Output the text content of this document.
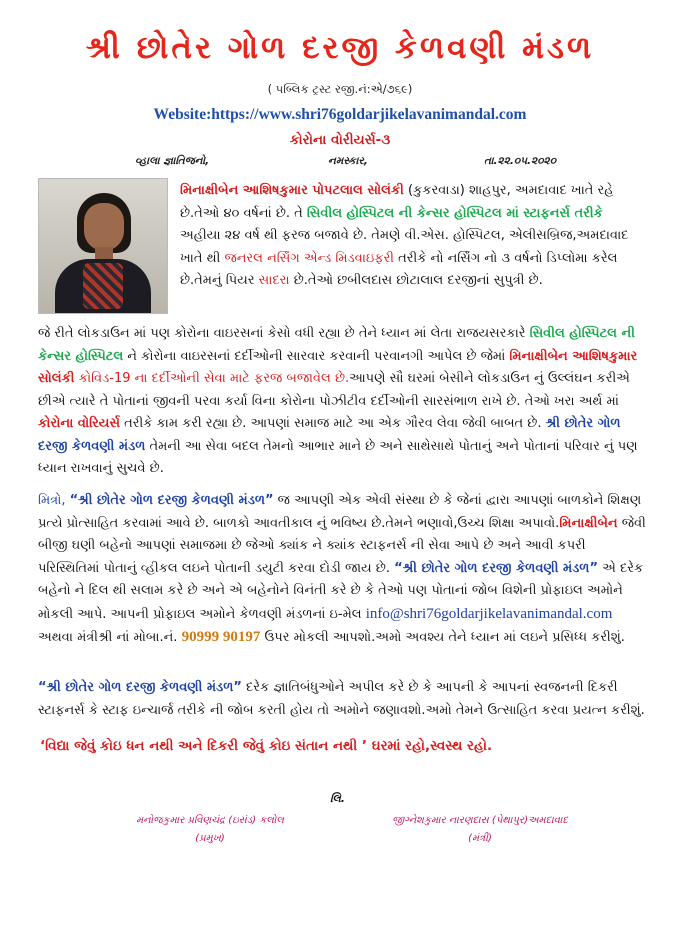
શ્રી છોતેર ગોળ દરજી કેળવણી મંડળ
( પબ્લિક ટ્રસ્ટ રજી.નં:એ/૭૬૯)
Website:https://www.shri76goldarjikelavanimandal.com
કોરોના વોરીયર્સ-૩
વ્હાલા જ્ઞાતિજનો,	નમસ્કાર,	તા.૨૨.૦૫.૨૦૨૦
મિનાક્ષીબેન આશિષકુમાર પોપટલાલ સોલંકી (કુકરવાડા) શાહપુર, અમદાવાદ ખાતે રહે છે.તેઓ ૪૦ વર્ષનાં છે. તે સિવીલ હોસ્પિટલ ની કેન્સર હોસ્પિટલ માં સ્ટાફનર્સ તરીકે અહીયા ૨૪ વર્ષ થી ફરજ બજાવે છે. તેમણે વી.એસ. હોસ્પિટલ, એલીસબ્રિજ,અમદાવાદ ખાતે થી જનરલ નર્સિંગ એન્ડ મિડવાઇફરી તરીકે નો નર્સિંગ નો ૩ વર્ષનો ડિપ્લોમા કરેલ છે.તેમનું પિયર સાદરા છે.તેઓ છબીલદાસ છોટાલાલ દરજીનાં સુપુત્રી છે.
જે રીતે લોકડાઉન માં પણ કોરોના વાઇરસનાં કેસો વધી રહ્યા છે તેને ધ્યાન માં લેતા રાજયસરકારે સિવીલ હોસ્પિટલ ની કેન્સર હોસ્પિટલ ને કોરોના વાઇરસનાં દર્દીઓની સારવાર કરવાની પરવાનગી આપેલ છે જેમાં મિનાક્ષીબેન આશિષકુમાર સોલંકી કોવિડ-19 ના દર્દીઓની સેવા માટે ફરજ બજાવેલ છે.આપણે સૌ ઘરમાં બેસીને લોકડાઉન નું ઉલ્લંઘન કરીએ છીએ ત્યારે તે પોતાનાં જીવની પરવા કર્યા વિના કોરોના પોઝીટીવ દર્દીઓની સારસંભાળ રાખે છે. તેઓ ખરા અર્થ માં કોરોના વોરિયર્સ તરીકે કામ કરી રહ્યા છે. આપણાં સમાજ માટે આ એક ગૌરવ લેવા જેવી બાબત છે. શ્રી છોતેર ગોળ દરજી કેળવણી મંડળ તેમની આ સેવા બદલ તેમનો આભાર માને છે અને સાથેસાથે પોતાનું અને પોતાનાં પરિવાર નું પણ ધ્યાન રાખવાનું સુચવે છે.
મિત્રો, “શ્રી છોતેર ગોળ દરજી કેળવણી મંડળ” જ આપણી એક એવી સંસ્થા છે કે જેનાં દ્વારા આપણાં બાળકોને શિક્ષણ પ્રત્યે પ્રોત્સાહિત કરવામાં આવે છે. બાળકો આવતીકાલ નું ભવિષ્ય છે.તેમને ભણાવો,ઉચ્ચ શિક્ષા અપાવો.મિનાક્ષીબેન જેવી બીજી ઘણી બહેનો આપણાં સમાજમા છે જેઓ ક્યાંક ને ક્યાંક સ્ટાફનર્સ ની સેવા આપે છે અને આવી કપરી પરિસ્થિતિમાં પોતાનું વ્હીકલ લઇને પોતાની ડયુટી કરવા દોડી જાય છે. “શ્રી છોતેર ગોળ દરજી કેળવણી મંડળ” એ દરેક બહેનો ને દિલ થી સલામ કરે છે અને એ બહેનોને વિનંતી કરે છે કે તેઓ પણ પોતાનાં જોબ વિશેની પ્રોફાઇલ અમોને મોકલી આપે. આપની પ્રોફાઇલ અમોને કેળવણી મંડળનાં ઇ-મેલ info@shri76goldarjikelavanimandal.com અથવા મંત્રીશ્રી નાં મોબા.નં. 90999 90197 ઉપર મોકલી આપશો.અમો અવશ્ય તેને ધ્યાન માં લઇને પ્રસિધ્ધ કરીશું.
“શ્રી છોતેર ગોળ દરજી કેળવણી મંડળ” દરેક જ્ઞાતિબંધુઓને અપીલ કરે છે કે આપની કે આપનાં સ્વજનની દિકરી સ્ટાફનર્સ કે સ્ટાફ ઇન્ચાર્જ તરીકે ની જોબ કરતી હોય તો અમોને જણાવશો.અમો તેમને ઉત્સાહિત કરવા પ્રયત્ન કરીશું.
‘વિદ્યા જેવું કોઇ ધન નથી અને દિકરી જેવું કોઇ સંતાન નથી ’ ઘરમાં રહો,સ્વસ્થ રહો.
લિ.
મનોજકુમાર પ્રવિણચંદ્ર (ઇસંડ) કલોલ
(પ્રમુખ)
જીગ્નેશકુમાર નારણદાસ (પેથાપુર)અમદાવાદ
(મંત્રી)
